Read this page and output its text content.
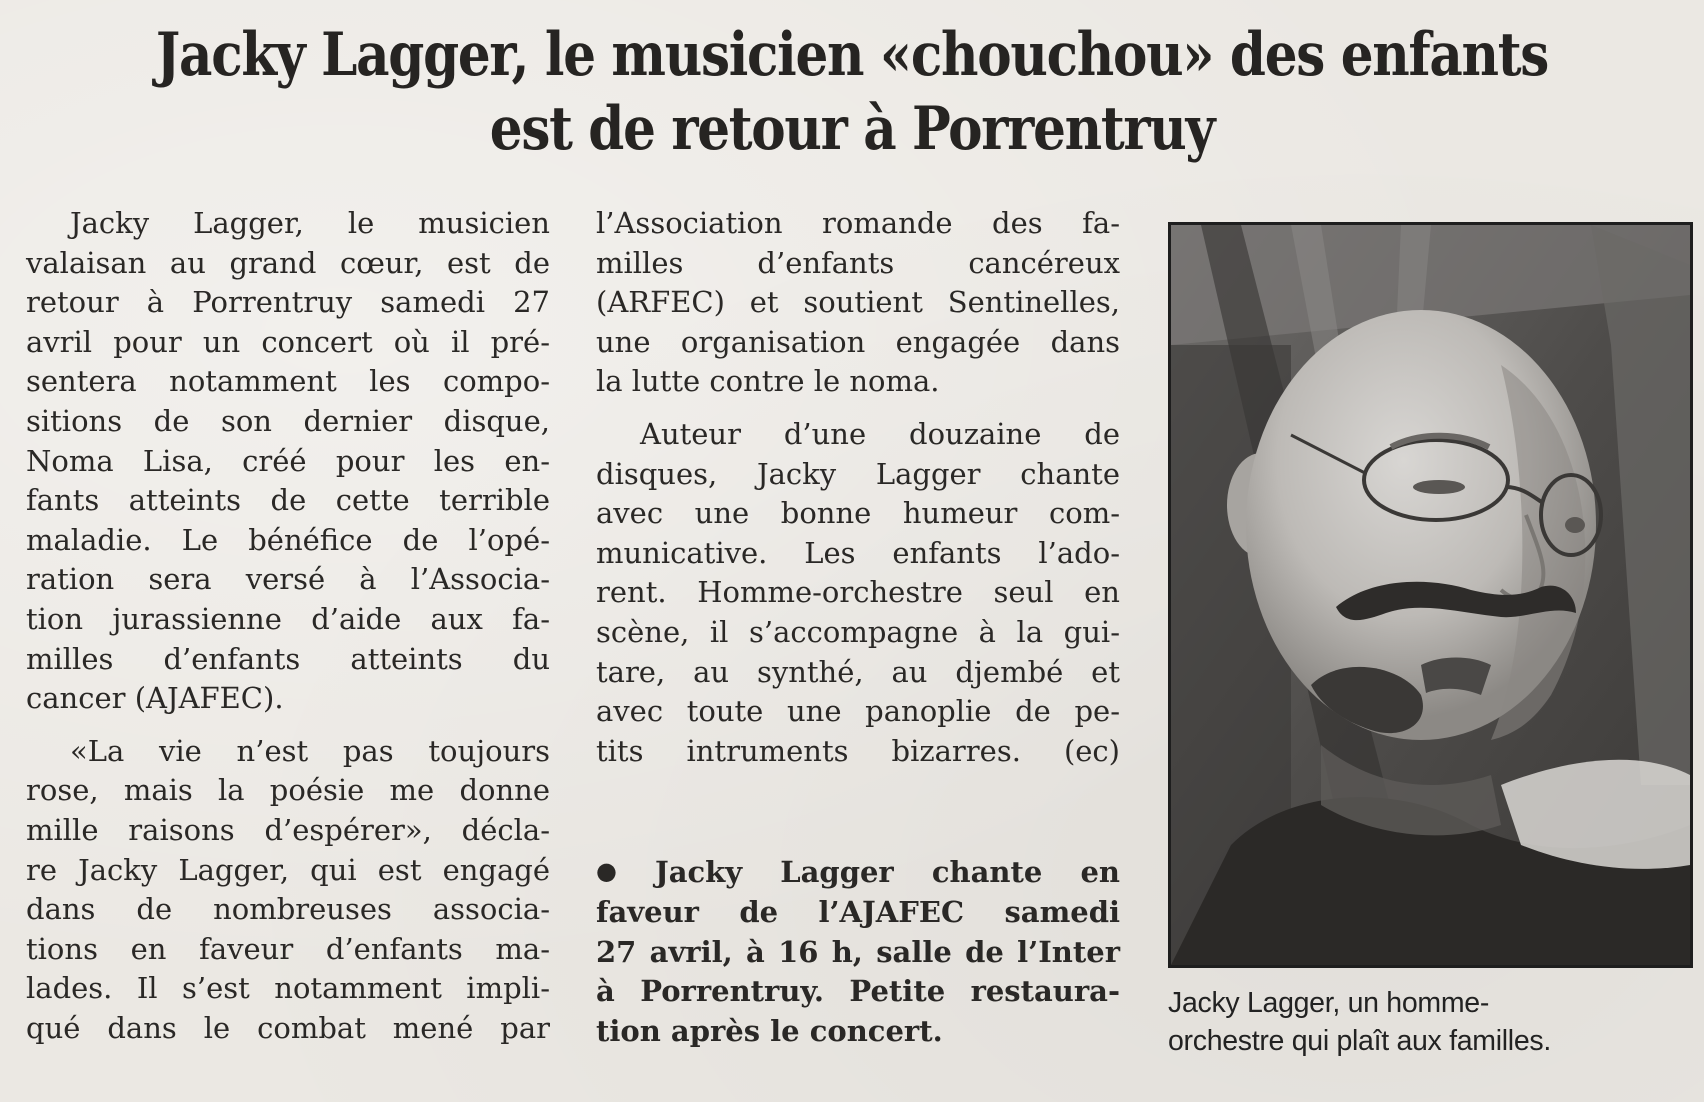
Jacky Lagger, le musicien «chouchou» des enfants
est de retour à Porrentruy

Jacky Lagger, le musicien
valaisan au grand cœur, est de
retour à Porrentruy samedi 27
avril pour un concert où il pré-
sentera notamment les compo-
sitions de son dernier disque,
Noma Lisa, créé pour les en-
fants atteints de cette terrible
maladie. Le bénéfice de l’opé-
ration sera versé à l’Associa-
tion jurassienne d’aide aux fa-
milles d’enfants atteints du
cancer (AJAFEC).

«La vie n’est pas toujours
rose, mais la poésie me donne
mille raisons d’espérer», décla-
re Jacky Lagger, qui est engagé
dans de nombreuses associa-
tions en faveur d’enfants ma-
lades. Il s’est notamment impli-
qué dans le combat mené par

l’Association romande des fa-
milles d’enfants cancéreux
(ARFEC) et soutient Sentinelles,
une organisation engagée dans
la lutte contre le noma.

Auteur d’une douzaine de
disques, Jacky Lagger chante
avec une bonne humeur com-
municative. Les enfants l’ado-
rent. Homme-orchestre seul en
scène, il s’accompagne à la gui-
tare, au synthé, au djembé et
avec toute une panoplie de pe-
tits intruments bizarres. (ec)

● Jacky Lagger chante en
faveur de l’AJAFEC samedi
27 avril, à 16 h, salle de l’Inter
à Porrentruy. Petite restaura-
tion après le concert.

Jacky Lagger, un homme-
orchestre qui plaît aux familles.
